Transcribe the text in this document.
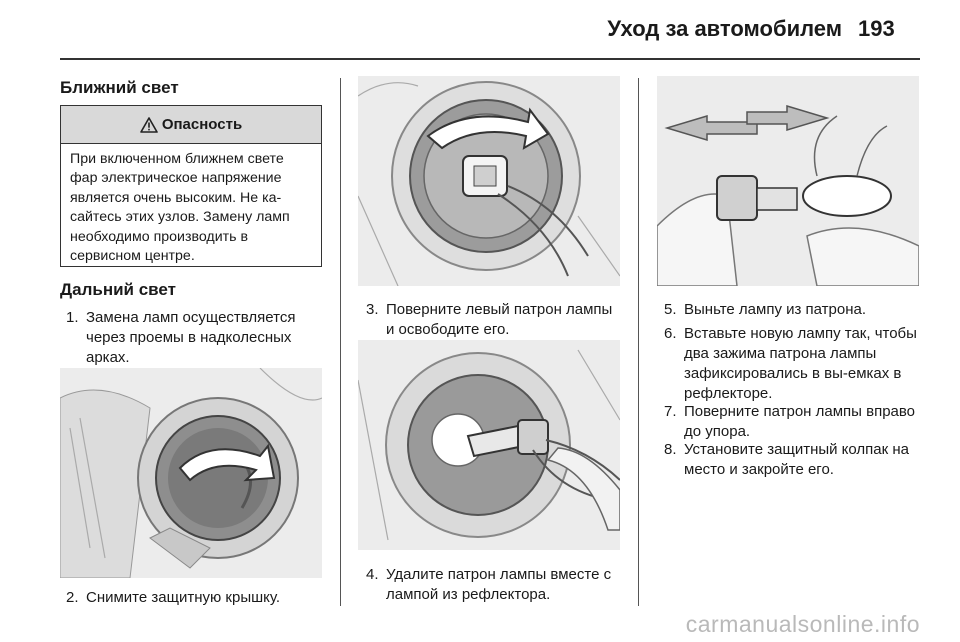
Уход за автомобилем 193
Ближний свет
Опасность
При включенном ближнем свете фар электрическое напряжение является очень высоким. Не ка-сайтесь этих узлов. Замену ламп необходимо производить в сервисном центре.
Дальний свет
1. Замена ламп осуществляется через проемы в надколесных арках.
2. Снимите защитную крышку.
3. Поверните левый патрон лампы и освободите его.
4. Удалите патрон лампы вместе с лампой из рефлектора.
5. Выньте лампу из патрона.
6. Вставьте новую лампу так, чтобы два зажима патрона лампы зафиксировались в вы-емках в рефлекторе.
7. Поверните патрон лампы вправо до упора.
8. Установите защитный колпак на место и закройте его.
carmanualsonline.info
